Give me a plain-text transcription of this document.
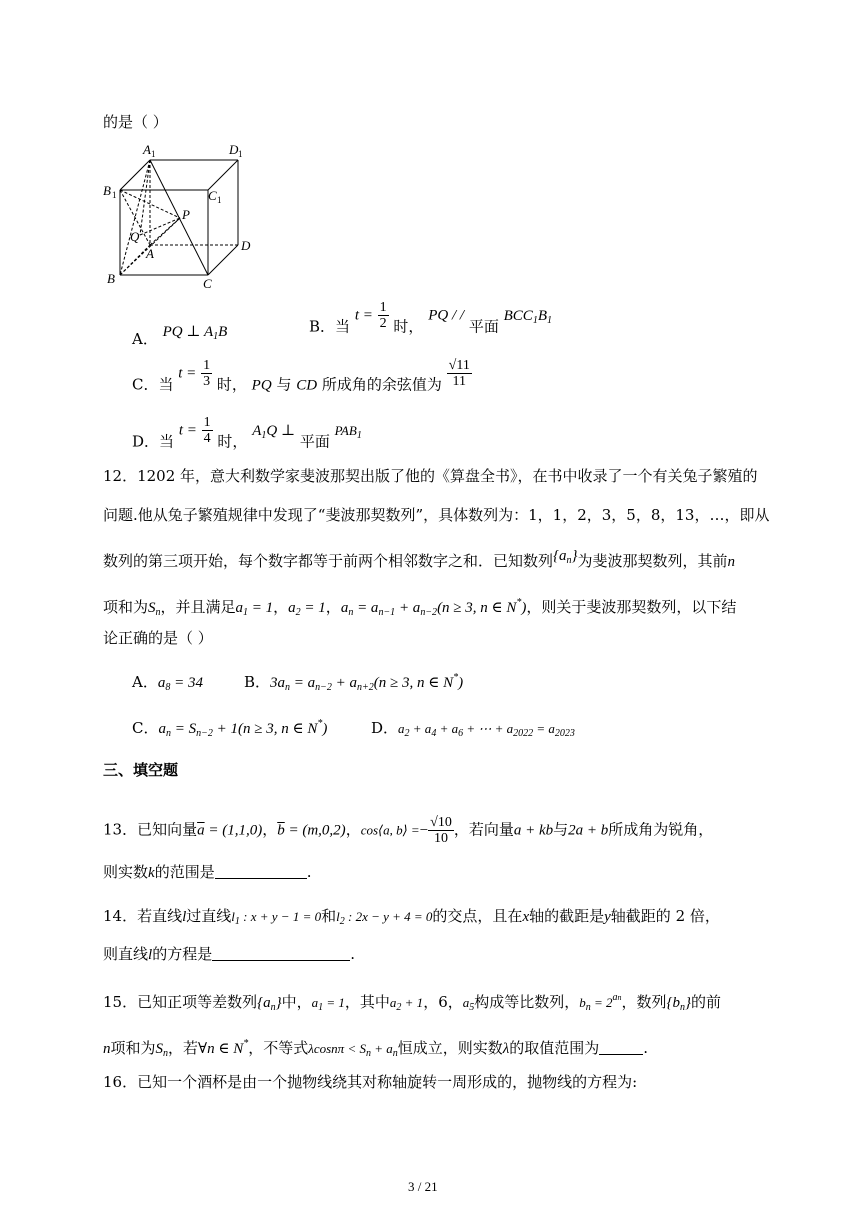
的是（ ）
A 1	D 1
B 1	C 1
P
Q
A
D
B	C
A． PQ ⊥ $A_1B$	B．当 $t = \frac{1}{2}$ 时， PQ / / 平面 $BCC_1B_1$
C．当 $t = \frac{1}{3}$ 时， PQ 与 CD 所成角的余弦值为 $\frac{√11}{11}$
D．当 $t = \frac{1}{4}$ 时， $A_1Q$ ⊥ 平面 $PAB_1$
12．1202 年，意大利数学家斐波那契出版了他的《算盘全书》，在书中收录了一个有关兔子繁殖的
问题.他从兔子繁殖规律中发现了“斐波那契数列”，具体数列为：1，1，2，3，5，8，13，…，即从
数列的第三项开始，每个数字都等于前两个相邻数字之和．已知数列$\{a_n\}$为斐波那契数列，其前n
项和为$S_n$，并且满足$a_1 = 1$，$a_2 = 1$，$a_n = a_{n-1} + a_{n-2}(n \ge 3$, n ∈ N*)，则关于斐波那契数列，以下结
论正确的是（ ）
A．$a_8 = 34$	B．$3a_n = a_{n-2} + a_{n+2}(n \ge 3$, n ∈ N*)
C．$a_n = S_{n-2} + 1(n \ge 3$, n ∈ N*)	D．$a_2 + a_4 + a_6$ + ⋯ + $a_{2022} = a_{2023}$
三、填空题
13．已知向量$\overline{a} = (1,1,0)$，$\overline{b} = (m,0,2)$，cos⟨a, b⟩ =− $\frac{√10}{10}$ ，若向量a + kb与2a + b所成角为锐角，
则实数k的范围是	.
14．若直线l过直线$l_1$ : x + y − 1 = 0和$l_2$ : 2x − y + 4 = 0的交点，且在x轴的截距是y轴截距的 2 倍，
则直线l的方程是	.
15．已知正项等差数列$\{a_n\}$中，$a_1 = 1$，其中$a_2 + 1$，6，$a_5$构成等比数列，$b_n = 2^{an}$，数列$\{b_n\}$的前
n项和为$S_n$，若∀n ∈ N*，不等式$\lambda\cos n\pi < S_n + a_n$恒成立，则实数λ的取值范围为	.
16．已知一个酒杯是由一个抛物线绕其对称轴旋转一周形成的，抛物线的方程为:
3 / 21
